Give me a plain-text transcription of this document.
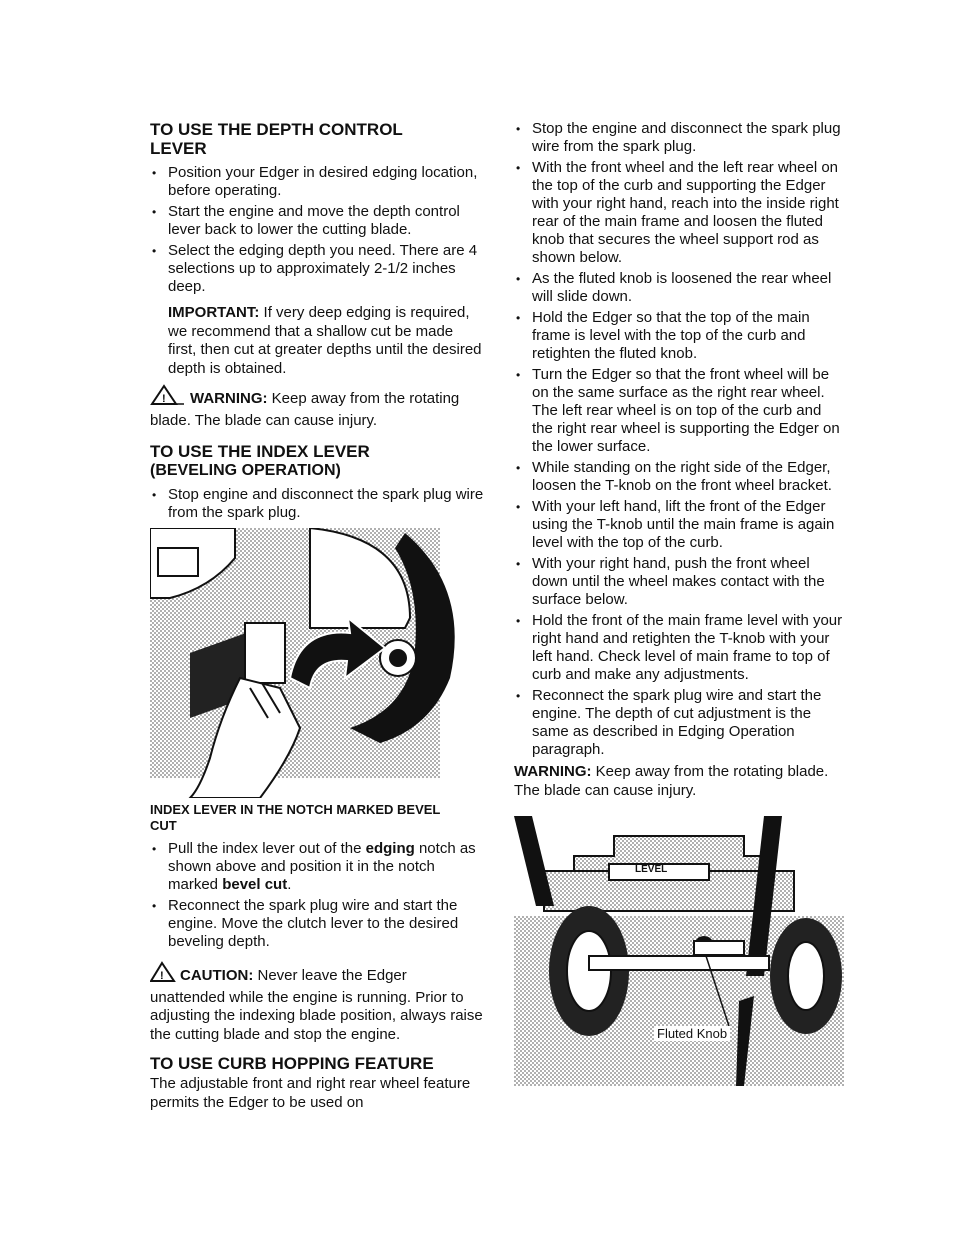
TO USE THE DEPTH CONTROL LEVER
• Position your Edger in desired edging location, before operating.
• Start the engine and move the depth control lever back to lower the cutting blade.
• Select the edging depth you need. There are 4 selections up to approximately 2-1/2 inches deep.

IMPORTANT: If very deep edging is required, we recommend that a shallow cut be made first, then cut at greater depths until the desired depth is obtained.

! WARNING: Keep away from the rotating blade. The blade can cause injury.

TO USE THE INDEX LEVER
(BEVELING OPERATION)
• Stop engine and disconnect the spark plug wire from the spark plug.
INDEX LEVER IN THE NOTCH MARKED BEVEL CUT
• Pull the index lever out of the edging notch as shown above and position it in the notch marked bevel cut.
• Reconnect the spark plug wire and start the engine. Move the clutch lever to the desired beveling depth.

! CAUTION: Never leave the Edger unattended while the engine is running. Prior to adjusting the indexing blade position, always raise the cutting blade and stop the engine.

TO USE CURB HOPPING FEATURE

The adjustable front and right rear wheel feature permits the Edger to be used on

• Stop the engine and disconnect the spark plug wire from the spark plug.
• With the front wheel and the left rear wheel on the top of the curb and supporting the Edger with your right hand, reach into the inside right rear of the main frame and loosen the fluted knob that secures the wheel support rod as shown below.
• As the fluted knob is loosened the rear wheel will slide down.
• Hold the Edger so that the top of the main frame is level with the top of the curb and retighten the fluted knob.
• Turn the Edger so that the front wheel will be on the same surface as the right rear wheel. The left rear wheel is on top of the curb and the right rear wheel is supporting the Edger on the lower surface.
• While standing on the right side of the Edger, loosen the T-knob on the front wheel bracket.
• With your left hand, lift the front of the Edger using the T-knob until the main frame is again level with the top of the curb.
• With your right hand, push the front wheel down until the wheel makes contact with the surface below.
• Hold the front of the main frame level with your right hand and retighten the T-knob with your left hand. Check level of main frame to top of curb and make any adjustments.
• Reconnect the spark plug wire and start the engine. The depth of cut adjustment is the same as described in Edging Operation paragraph.

WARNING: Keep away from the rotating blade. The blade can cause injury.

LEVEL
Fluted Knob
